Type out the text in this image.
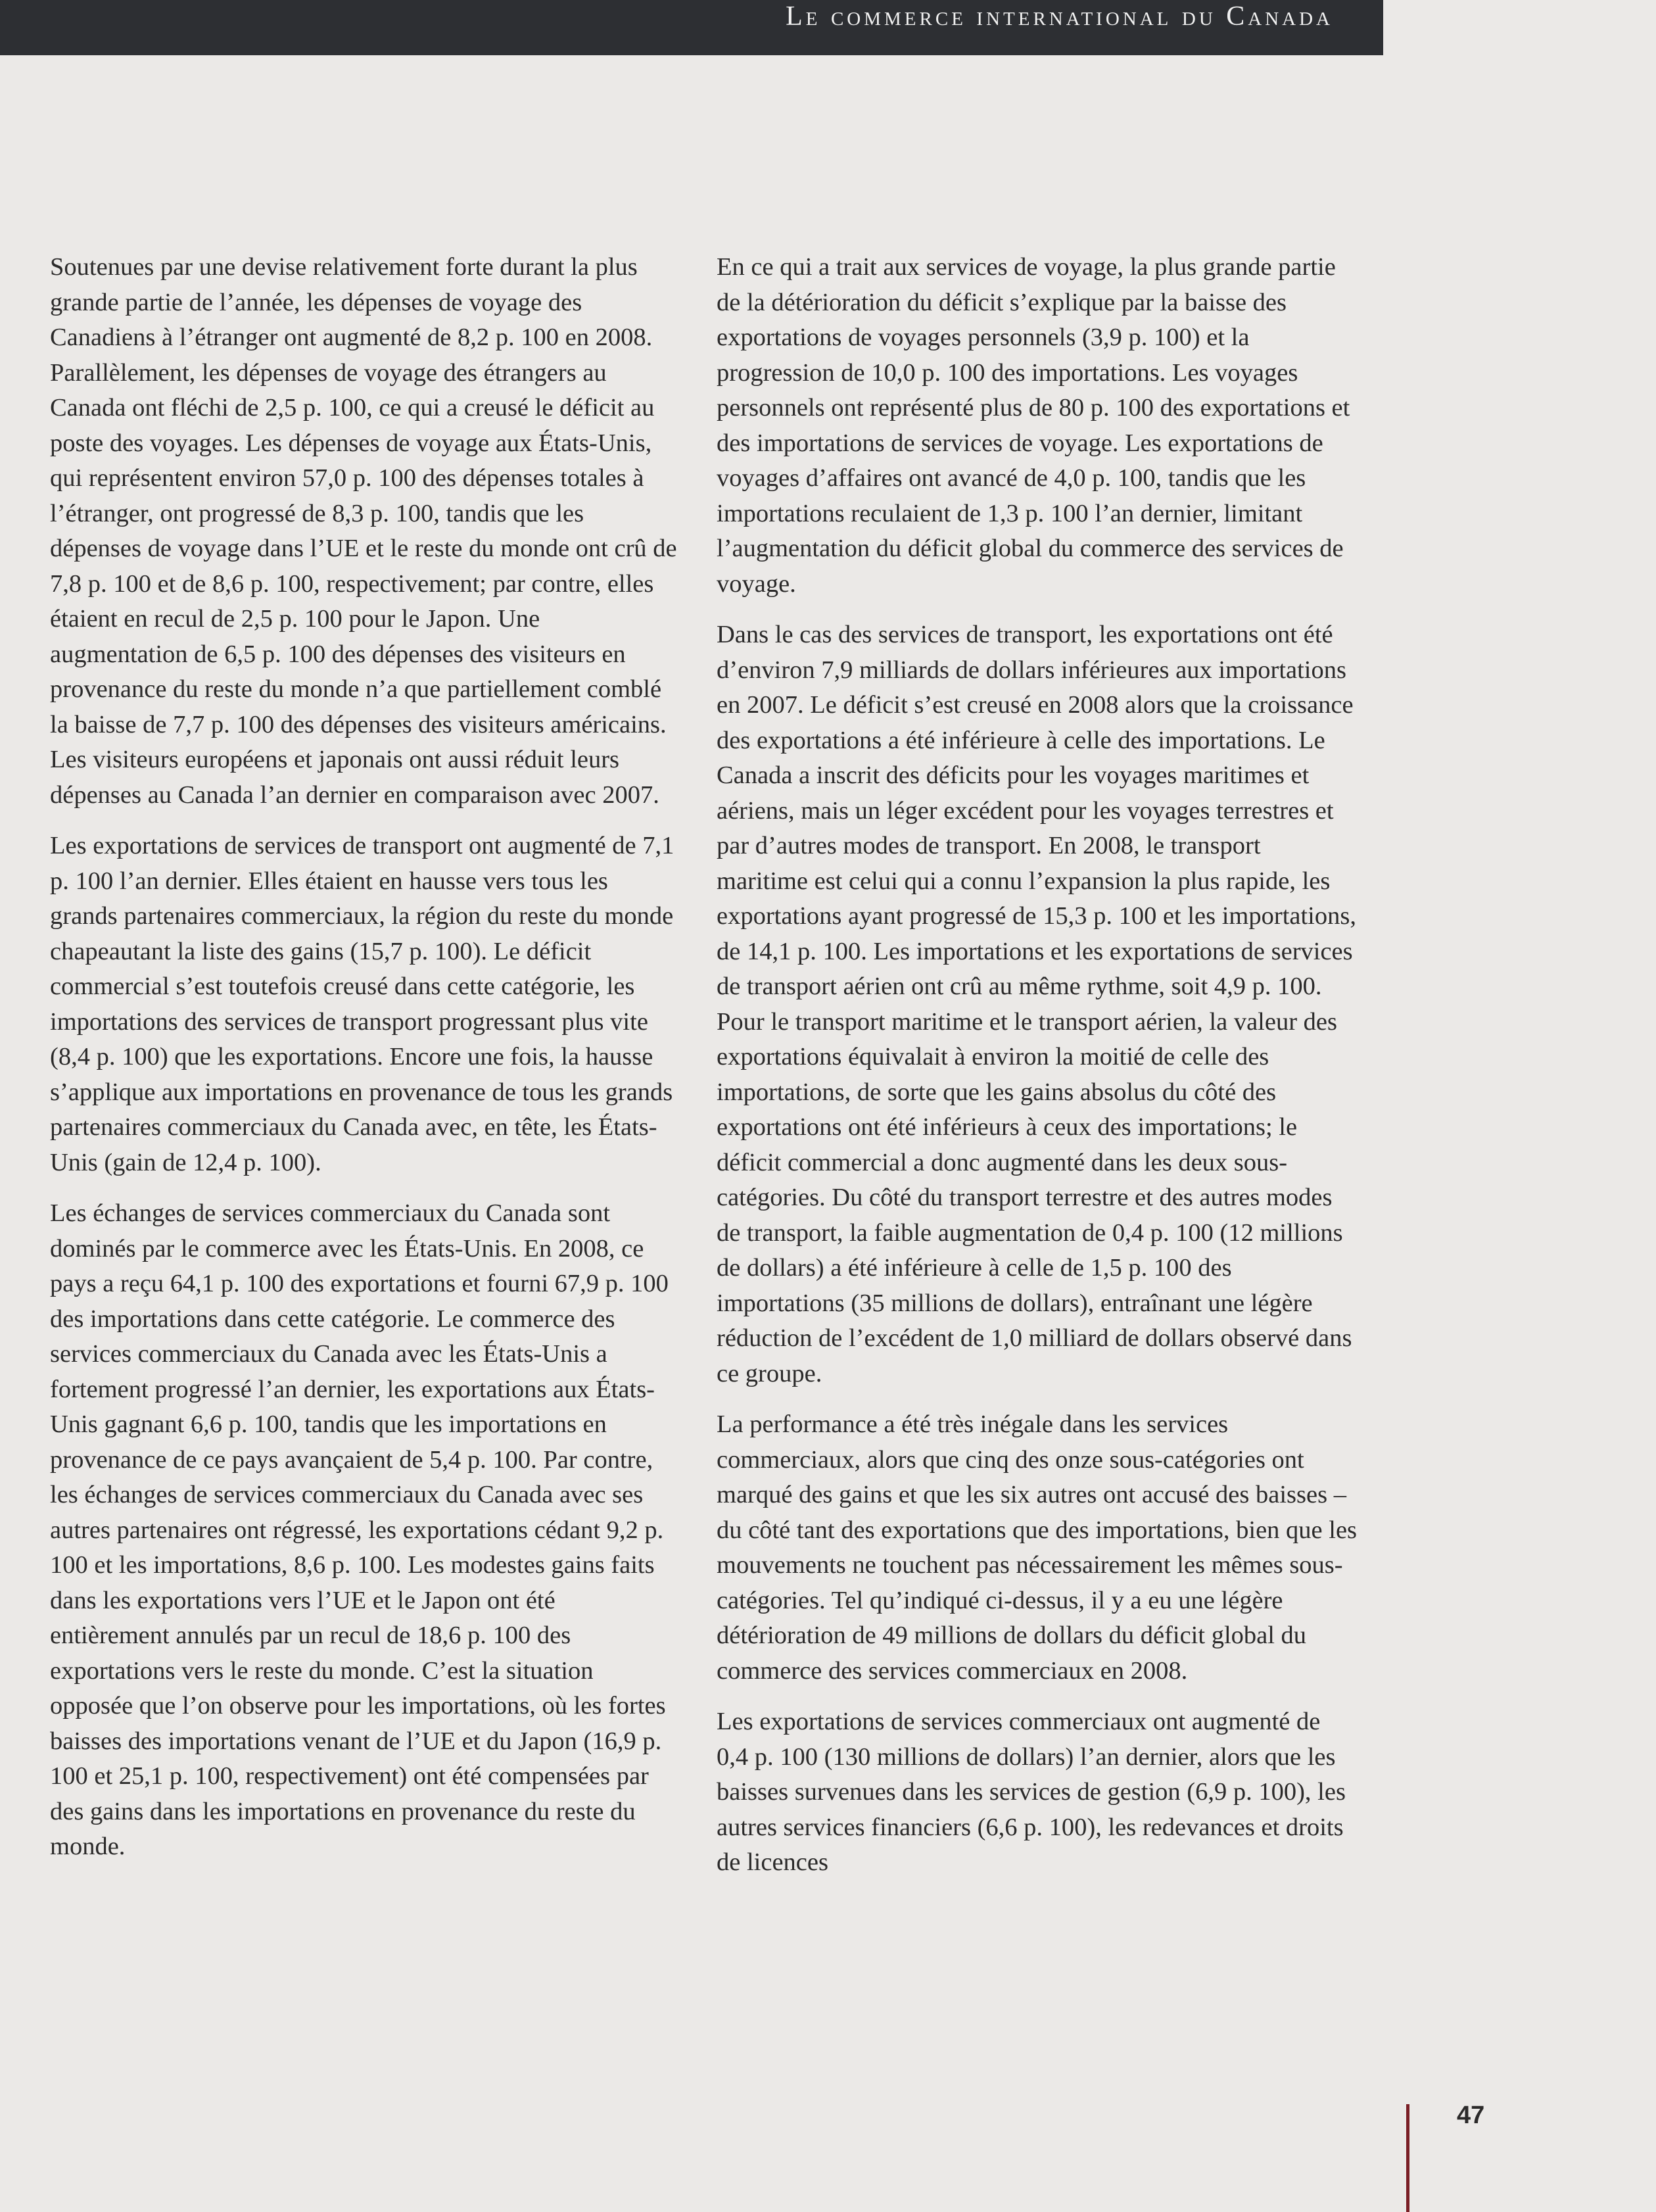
Le commerce international du Canada

Soutenues par une devise relativement forte durant la plus grande partie de l’année, les dépenses de voyage des Canadiens à l’étranger ont augmenté de 8,2 p. 100 en 2008. Parallèlement, les dépenses de voyage des étrangers au Canada ont fléchi de 2,5 p. 100, ce qui a creusé le déficit au poste des voyages. Les dépenses de voyage aux États-Unis, qui représentent environ 57,0 p. 100 des dépenses totales à l’étranger, ont progressé de 8,3 p. 100, tandis que les dépenses de voyage dans l’UE et le reste du monde ont crû de 7,8 p. 100 et de 8,6 p. 100, respectivement; par contre, elles étaient en recul de 2,5 p. 100 pour le Japon. Une augmentation de 6,5 p. 100 des dépenses des visiteurs en provenance du reste du monde n’a que partiellement comblé la baisse de 7,7 p. 100 des dépenses des visiteurs américains. Les visiteurs européens et japonais ont aussi réduit leurs dépenses au Canada l’an dernier en comparaison avec 2007.

Les exportations de services de transport ont augmenté de 7,1 p. 100 l’an dernier. Elles étaient en hausse vers tous les grands partenaires commerciaux, la région du reste du monde chapeautant la liste des gains (15,7 p. 100). Le déficit commercial s’est toutefois creusé dans cette catégorie, les importations des services de transport progressant plus vite (8,4 p. 100) que les exportations. Encore une fois, la hausse s’applique aux importations en provenance de tous les grands partenaires commerciaux du Canada avec, en tête, les États-Unis (gain de 12,4 p. 100).

Les échanges de services commerciaux du Canada sont dominés par le commerce avec les États-Unis. En 2008, ce pays a reçu 64,1 p. 100 des exportations et fourni 67,9 p. 100 des importations dans cette catégorie. Le commerce des services commerciaux du Canada avec les États-Unis a fortement progressé l’an dernier, les exportations aux États-Unis gagnant 6,6 p. 100, tandis que les importations en provenance de ce pays avançaient de 5,4 p. 100. Par contre, les échanges de services commerciaux du Canada avec ses autres partenaires ont régressé, les exportations cédant 9,2 p. 100 et les importations, 8,6 p. 100. Les modestes gains faits dans les exportations vers l’UE et le Japon ont été entièrement annulés par un recul de 18,6 p. 100 des exportations vers le reste du monde. C’est la situation opposée que l’on observe pour les importations, où les fortes baisses des importations venant de l’UE et du Japon (16,9 p. 100 et 25,1 p. 100, respectivement) ont été compensées par des gains dans les importations en provenance du reste du monde.

En ce qui a trait aux services de voyage, la plus grande partie de la détérioration du déficit s’explique par la baisse des exportations de voyages personnels (3,9 p. 100) et la progression de 10,0 p. 100 des importations. Les voyages personnels ont représenté plus de 80 p. 100 des exportations et des importations de services de voyage. Les exportations de voyages d’affaires ont avancé de 4,0 p. 100, tandis que les importations reculaient de 1,3 p. 100 l’an dernier, limitant l’augmentation du déficit global du commerce des services de voyage.

Dans le cas des services de transport, les exportations ont été d’environ 7,9 milliards de dollars inférieures aux importations en 2007. Le déficit s’est creusé en 2008 alors que la croissance des exportations a été inférieure à celle des importations. Le Canada a inscrit des déficits pour les voyages maritimes et aériens, mais un léger excédent pour les voyages terrestres et par d’autres modes de transport. En 2008, le transport maritime est celui qui a connu l’expansion la plus rapide, les exportations ayant progressé de 15,3 p. 100 et les importations, de 14,1 p. 100. Les importations et les exportations de services de transport aérien ont crû au même rythme, soit 4,9 p. 100. Pour le transport maritime et le transport aérien, la valeur des exportations équivalait à environ la moitié de celle des importations, de sorte que les gains absolus du côté des exportations ont été inférieurs à ceux des importations; le déficit commercial a donc augmenté dans les deux sous-catégories. Du côté du transport terrestre et des autres modes de transport, la faible augmentation de 0,4 p. 100 (12 millions de dollars) a été inférieure à celle de 1,5 p. 100 des importations (35 millions de dollars), entraînant une légère réduction de l’excédent de 1,0 milliard de dollars observé dans ce groupe.

La performance a été très inégale dans les services commerciaux, alors que cinq des onze sous-catégories ont marqué des gains et que les six autres ont accusé des baisses – du côté tant des exportations que des importations, bien que les mouvements ne touchent pas nécessairement les mêmes sous-catégories. Tel qu’indiqué ci-dessus, il y a eu une légère détérioration de 49 millions de dollars du déficit global du commerce des services commerciaux en 2008.

Les exportations de services commerciaux ont augmenté de 0,4 p. 100 (130 millions de dollars) l’an dernier, alors que les baisses survenues dans les services de gestion (6,9 p. 100), les autres services financiers (6,6 p. 100), les redevances et droits de licences

47
